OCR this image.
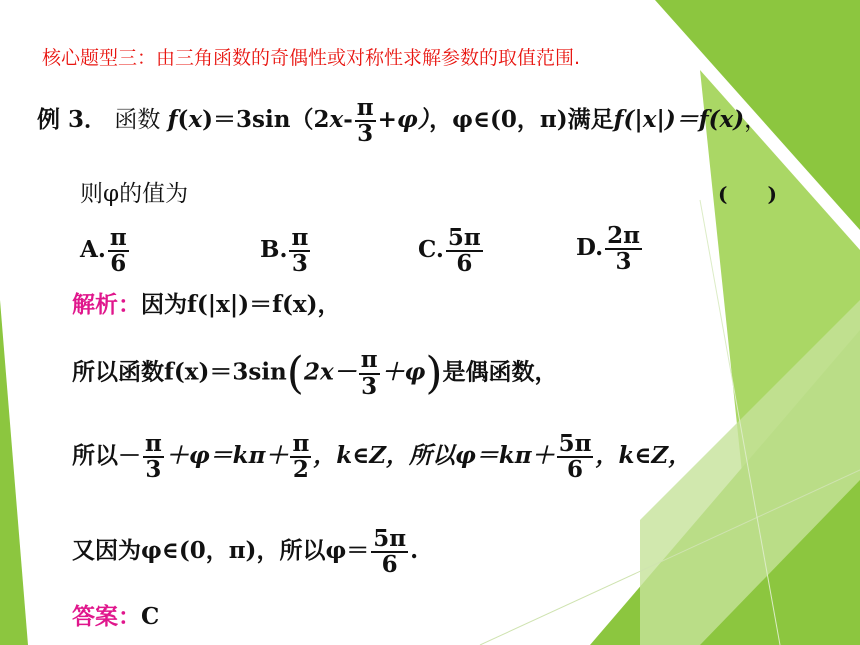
核心题型三：由三角函数的奇偶性或对称性求解参数的取值范围.
例 3． 函数 $f(x)=3\sin(2x- \frac{\pi}{3} +\varphi)$，φ∈(0，π)满足f(|x|)＝f(x)，
则φ的值为	(　　)
A. $\frac{\pi}{6}$	B. $\frac{\pi}{3}$	C. $\frac{5\pi}{6}$	D. $\frac{2\pi}{3}$
解析：因为f(|x|)＝f(x)，
所以函数$f(x)=3\sin(2x- \frac{\pi}{3} +\varphi)$是偶函数，
所以－ $\frac{\pi}{3} +\varphi=k\pi+ \frac{\pi}{2}$ ，k∈Z，所以$\varphi=k\pi+ \frac{5\pi}{6}$ ，k∈Z，
又因为φ∈(0，π)，所以$\varphi= \frac{5\pi}{6}$ .
答案：C
